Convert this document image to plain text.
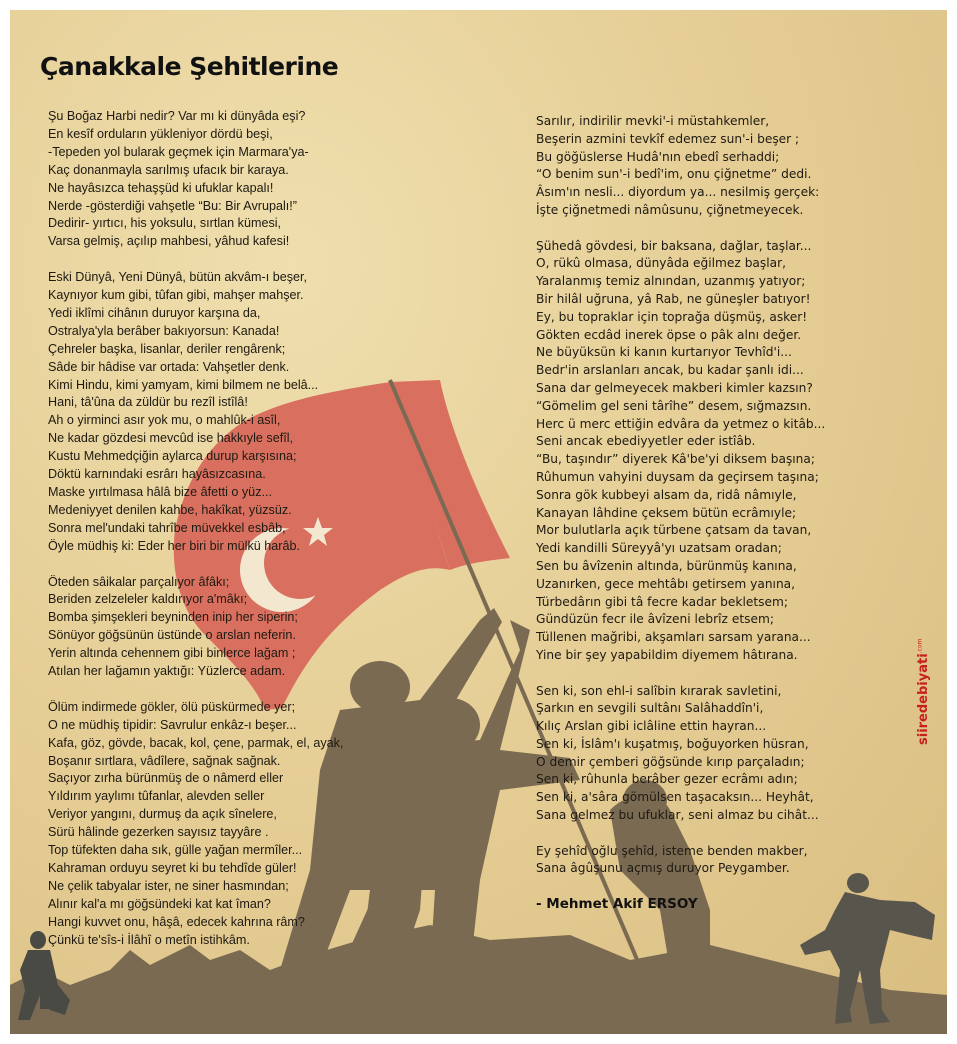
Çanakkale Şehitlerine
Şu Boğaz Harbi nedir? Var mı ki dünyâda eşi?
En kesîf orduların yükleniyor dördü beşi,
-Tepeden yol bularak geçmek için Marmara'ya-
Kaç donanmayla sarılmış ufacık bir karaya.
Ne hayâsızca tehaşşüd ki ufuklar kapalı!
Nerde -gösterdiği vahşetle “Bu: Bir Avrupalı!”
Dedirir- yırtıcı, his yoksulu, sırtlan kümesi,
Varsa gelmiş, açılıp mahbesi, yâhud kafesi!
Eski Dünyâ, Yeni Dünyâ, bütün akvâm-ı beşer,
Kaynıyor kum gibi, tûfan gibi, mahşer mahşer.
Yedi iklîmi cihânın duruyor karşına da,
Ostralya'yla berâber bakıyorsun: Kanada!
Çehreler başka, lisanlar, deriler rengârenk;
Sâde bir hâdise var ortada: Vahşetler denk.
Kimi Hindu, kimi yamyam, kimi bilmem ne belâ...
Hani, tâ'ûna da züldür bu rezîl istîlâ!
Ah o yirminci asır yok mu, o mahlûk-i asîl,
Ne kadar gözdesi mevcûd ise hakkıyle sefîl,
Kustu Mehmedçiğin aylarca durup karşısına;
Döktü karnındaki esrârı hayâsızcasına.
Maske yırtılmasa hâlâ bize âfetti o yüz...
Medeniyyet denilen kahbe, hakîkat, yüzsüz.
Sonra mel'undaki tahrîbe müvekkel esbâb,
Öyle müdhiş ki: Eder her biri bir mülkü harâb.
Öteden sâikalar parçalıyor âfâkı;
Beriden zelzeleler kaldırıyor a'mâkı;
Bomba şimşekleri beyninden inip her siperin;
Sönüyor göğsünün üstünde o arslan neferin.
Yerin altında cehennem gibi binlerce lağam ;
Atılan her lağamın yaktığı: Yüzlerce adam.
Ölüm indirmede gökler, ölü püskürmede yer;
O ne müdhiş tipidir: Savrulur enkâz-ı beşer...
Kafa, göz, gövde, bacak, kol, çene, parmak, el, ayak,
Boşanır sırtlara, vâdîlere, sağnak sağnak.
Saçıyor zırha bürünmüş de o nâmerd eller
Yıldırım yaylımı tûfanlar, alevden seller
Veriyor yangını, durmuş da açık sînelere,
Sürü hâlinde gezerken sayısız tayyâre .
Top tüfekten daha sık, gülle yağan mermîler...
Kahraman orduyu seyret ki bu tehdîde güler!
Ne çelik tabyalar ister, ne siner hasmından;
Alınır kal'a mı göğsündeki kat kat îman?
Hangi kuvvet onu, hâşâ, edecek kahrına râm?
Çünkü te'sîs-i İlâhî o metîn istihkâm.
Sarılır, indirilir mevki'-i müstahkemler,
Beşerin azmini tevkîf edemez sun'-i beşer ;
Bu göğüslerse Hudâ'nın ebedî serhaddi;
“O benim sun'-i bedî'im, onu çiğnetme” dedi.
Âsım'ın nesli... diyordum ya... nesilmiş gerçek:
İşte çiğnetmedi nâmûsunu, çiğnetmeyecek.
Şühedâ gövdesi, bir baksana, dağlar, taşlar...
O, rükû olmasa, dünyâda eğilmez başlar,
Yaralanmış temiz alnından, uzanmış yatıyor;
Bir hilâl uğruna, yâ Rab, ne güneşler batıyor!
Ey, bu topraklar için toprağa düşmüş, asker!
Gökten ecdâd inerek öpse o pâk alnı değer.
Ne büyüksün ki kanın kurtarıyor Tevhîd'i...
Bedr'in arslanları ancak, bu kadar şanlı idi...
Sana dar gelmeyecek makberi kimler kazsın?
“Gömelim gel seni târîhe” desem, sığmazsın.
Herc ü merc ettiğin edvâra da yetmez o kitâb...
Seni ancak ebediyyetler eder istîâb.
“Bu, taşındır” diyerek Kâ'be'yi diksem başına;
Rûhumun vahyini duysam da geçirsem taşına;
Sonra gök kubbeyi alsam da, ridâ nâmıyle,
Kanayan lâhdine çeksem bütün ecrâmıyle;
Mor bulutlarla açık türbene çatsam da tavan,
Yedi kandilli Süreyyâ'yı uzatsam oradan;
Sen bu âvîzenin altında, bürünmüş kanına,
Uzanırken, gece mehtâbı getirsem yanına,
Türbedârın gibi tâ fecre kadar bekletsem;
Gündüzün fecr ile âvîzeni lebrîz etsem;
Tüllenen mağribi, akşamları sarsam yarana...
Yine bir şey yapabildim diyemem hâtırana.
Sen ki, son ehl-i salîbin kırarak savletini,
Şarkın en sevgili sultânı Salâhaddîn'i,
Kılıç Arslan gibi iclâline ettin hayran...
Sen ki, İslâm'ı kuşatmış, boğuyorken hüsran,
O demir çemberi göğsünde kırıp parçaladın;
Sen ki, rûhunla berâber gezer ecrâmı adın;
Sen ki, a'sâra gömülsen taşacaksın... Heyhât,
Sana gelmez bu ufuklar, seni almaz bu cihât...
Ey şehîd oğlu şehîd, isteme benden makber,
Sana âgûşunu açmış duruyor Peygamber.
- Mehmet Akif ERSOY
siiredebiyati$^{.com}$
